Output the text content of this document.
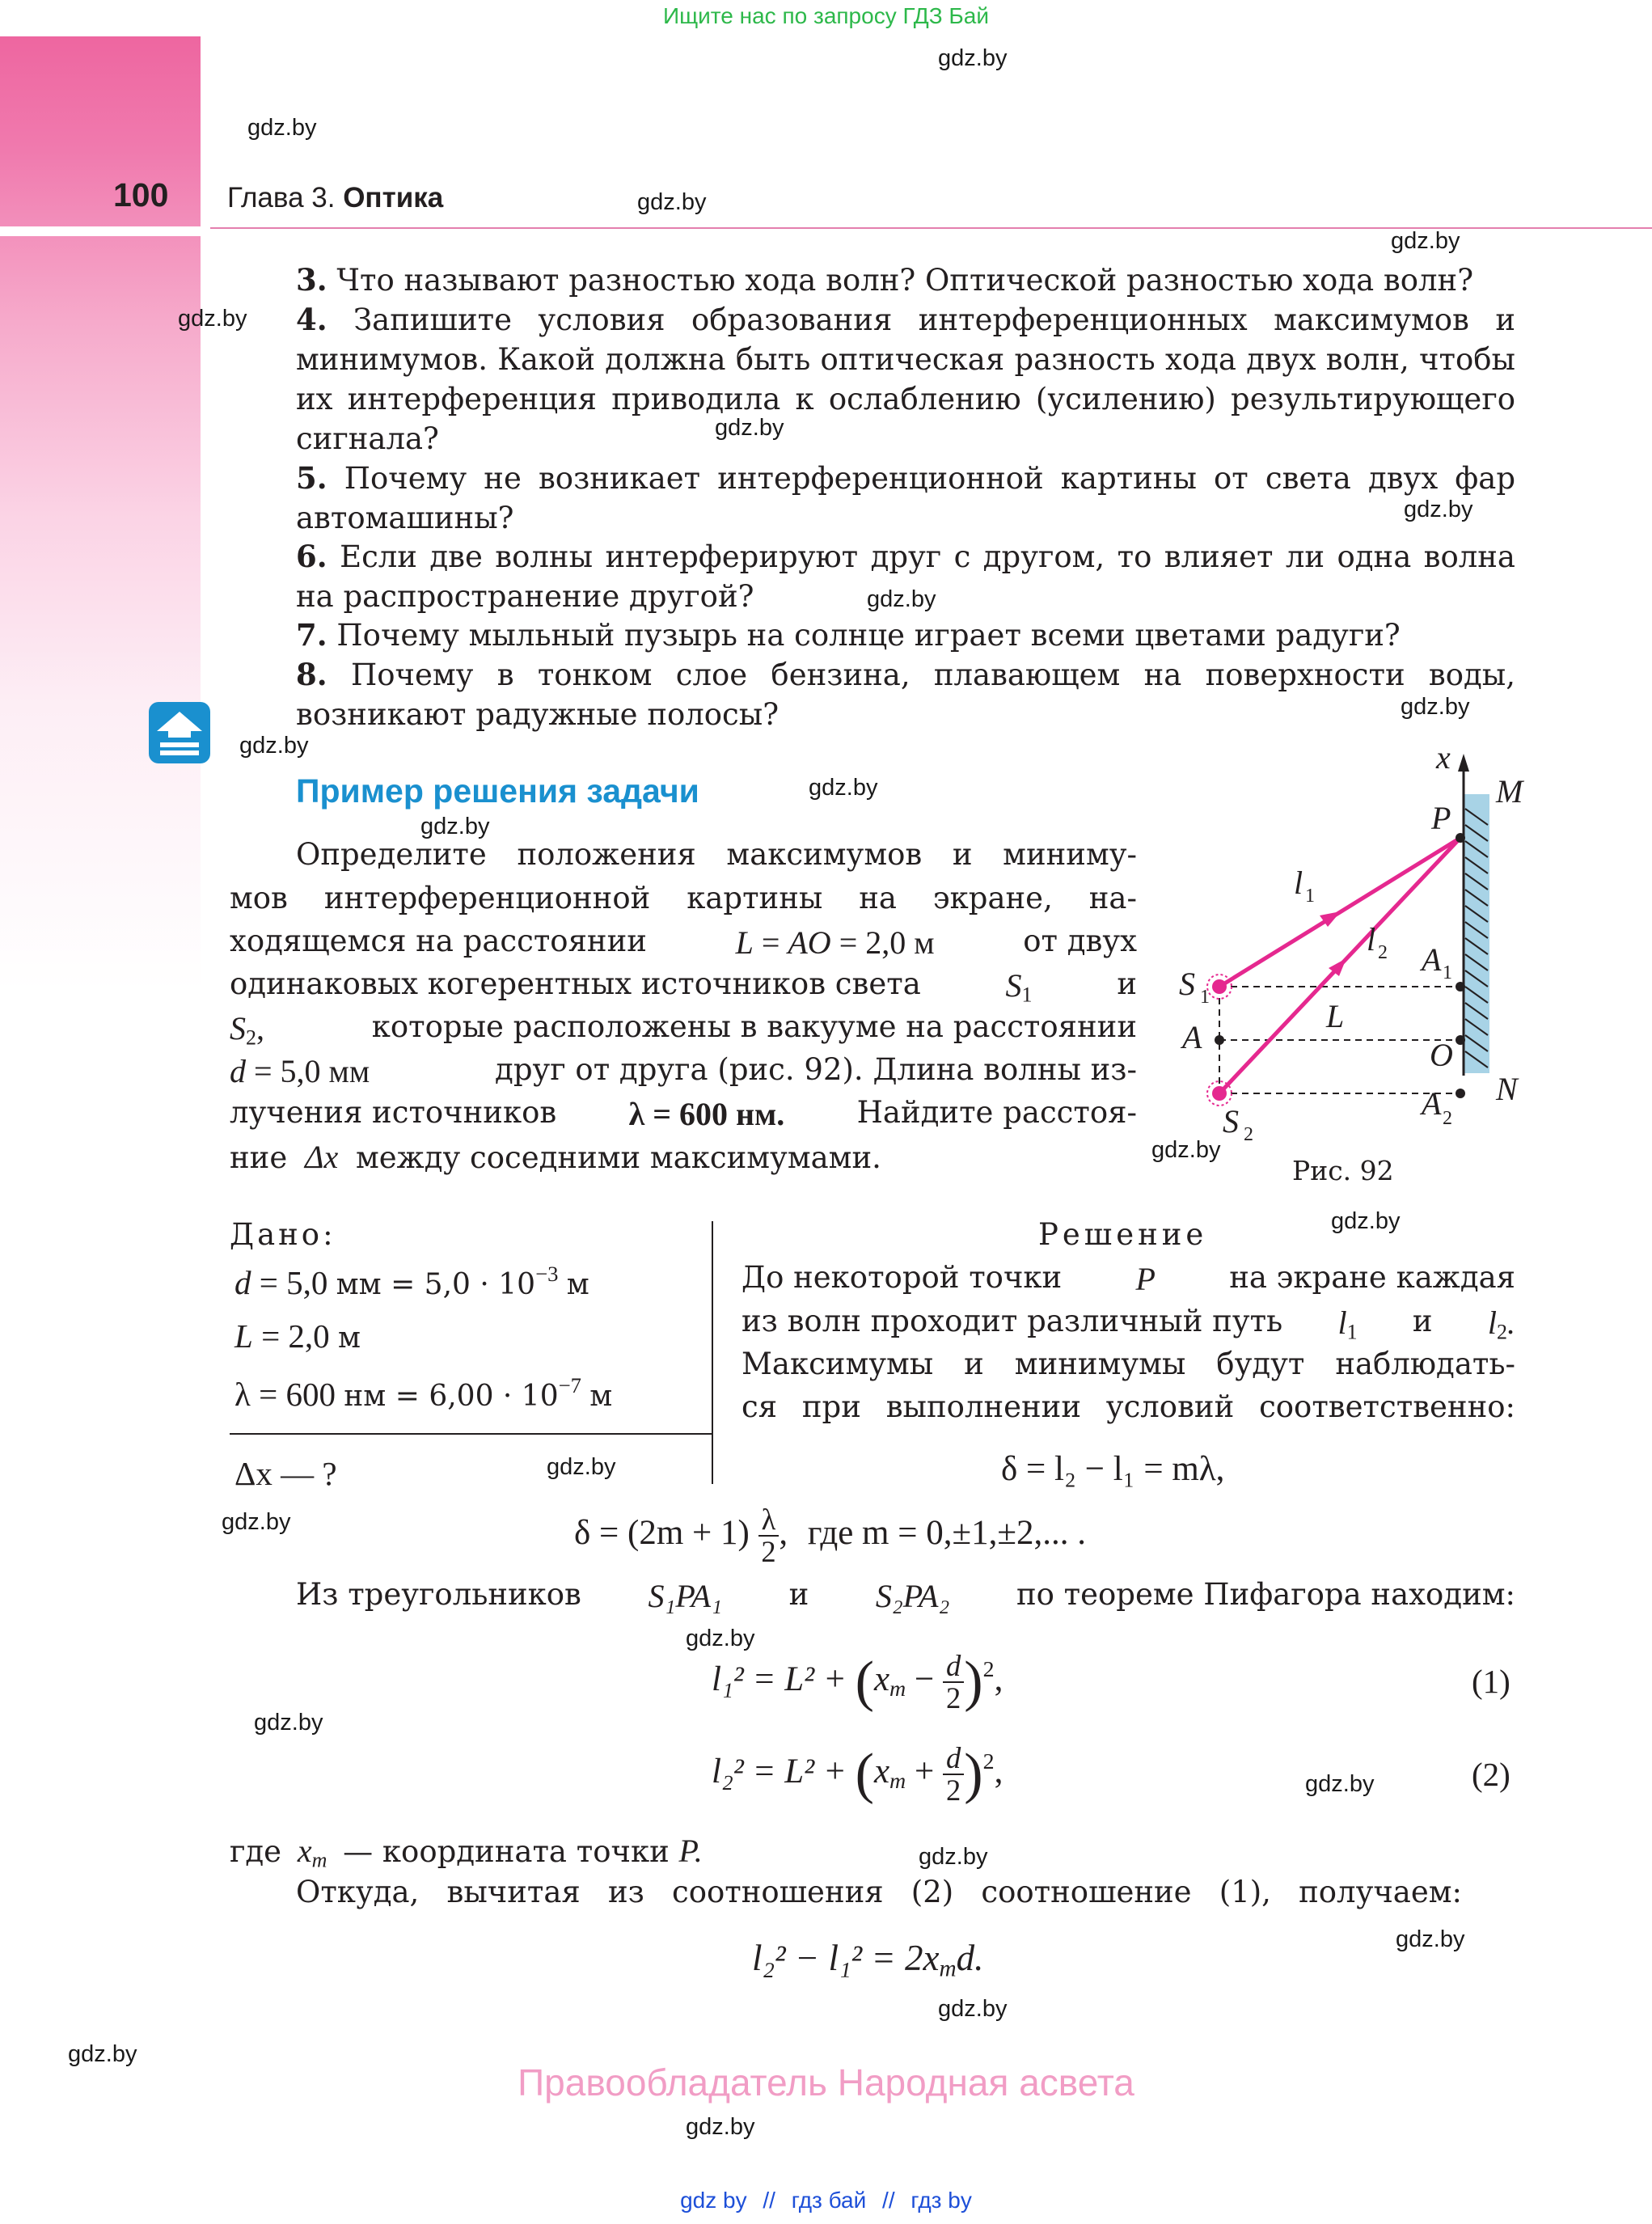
Ищите нас по запросу ГДЗ Бай
100 Глава 3. Оптика
3. Что называют разностью хода волн? Оптической разностью хода волн?
4. Запишите условия образования интерференционных максимумов и минимумов. Какой должна быть оптическая разность хода двух волн, чтобы их интерференция приводила к ослаблению (усилению) результирующего сигнала?
5. Почему не возникает интерференционной картины от света двух фар автомашины?
6. Если две волны интерферируют друг с другом, то влияет ли одна волна на распространение другой?
7. Почему мыльный пузырь на солнце играет всеми цветами радуги?
8. Почему в тонком слое бензина, плавающем на поверхности воды, возникают радужные полосы?
Пример решения задачи
Определите положения максимумов и миниму-
мов интерференционной картины на экране, на-
ходящемся на расстоянии	L = AO = 2,0 м	от двух
одинаковых когерентных источников света	$S_1$	и
$S_2$,	которые расположены в вакууме на расстоянии
d = 5,0 мм	друг от друга (рис. 92). Длина волны из-
лучения источников λ = 600 нм. Найдите расстоя-
ние Δx между соседними максимумами.
x
M
P
N
O
A
A
A
L
l
l
S
S
1
2
1
2
1
2
Рис. 92
Дано:
d = 5,0 мм = $5,0 \cdot 10^{-3}$ м
L = 2,0 м
λ = 600 нм = $6,00 \cdot 10^{-7}$ м
Δx — ?
Решение
До некоторой точки P на экране каждая
из волн проходит различный путь $l_1$ и $l_2$.
Максимумы и минимумы будут наблюдать-
ся при выполнении условий соответственно:
δ = l₂ − l₁ = mλ,
$\delta = (2m + 1) \frac{\lambda}{2}$ , где m = 0,±1,±2,... .
Из треугольников S₁PA₁ и S₂PA₂ по теореме Пифагора находим:
$l_1^2 = L^2 + (x_m - \frac{d}{2} )^2$,	(1)
$l_2^2 = L^2 + (x_m + \frac{d}{2} )^2$,	(2)
где $x_m$ — координата точки P.
Откуда, вычитая из соотношения (2) соотношение (1), получаем:
$l_2^2 - l_1^2 = 2x_md$.
Правообладатель Народная асвета
gdz by // гдз бай // гдз by
gdz.by
gdz.by
gdz.by
gdz.by
gdz.by
gdz.by
gdz.by
gdz.by
gdz.by
gdz.by
gdz.by
gdz.by
gdz.by
gdz.by
gdz.by
gdz.by
gdz.by
gdz.by
gdz.by
gdz.by
gdz.by
gdz.by
gdz.by
gdz.by
